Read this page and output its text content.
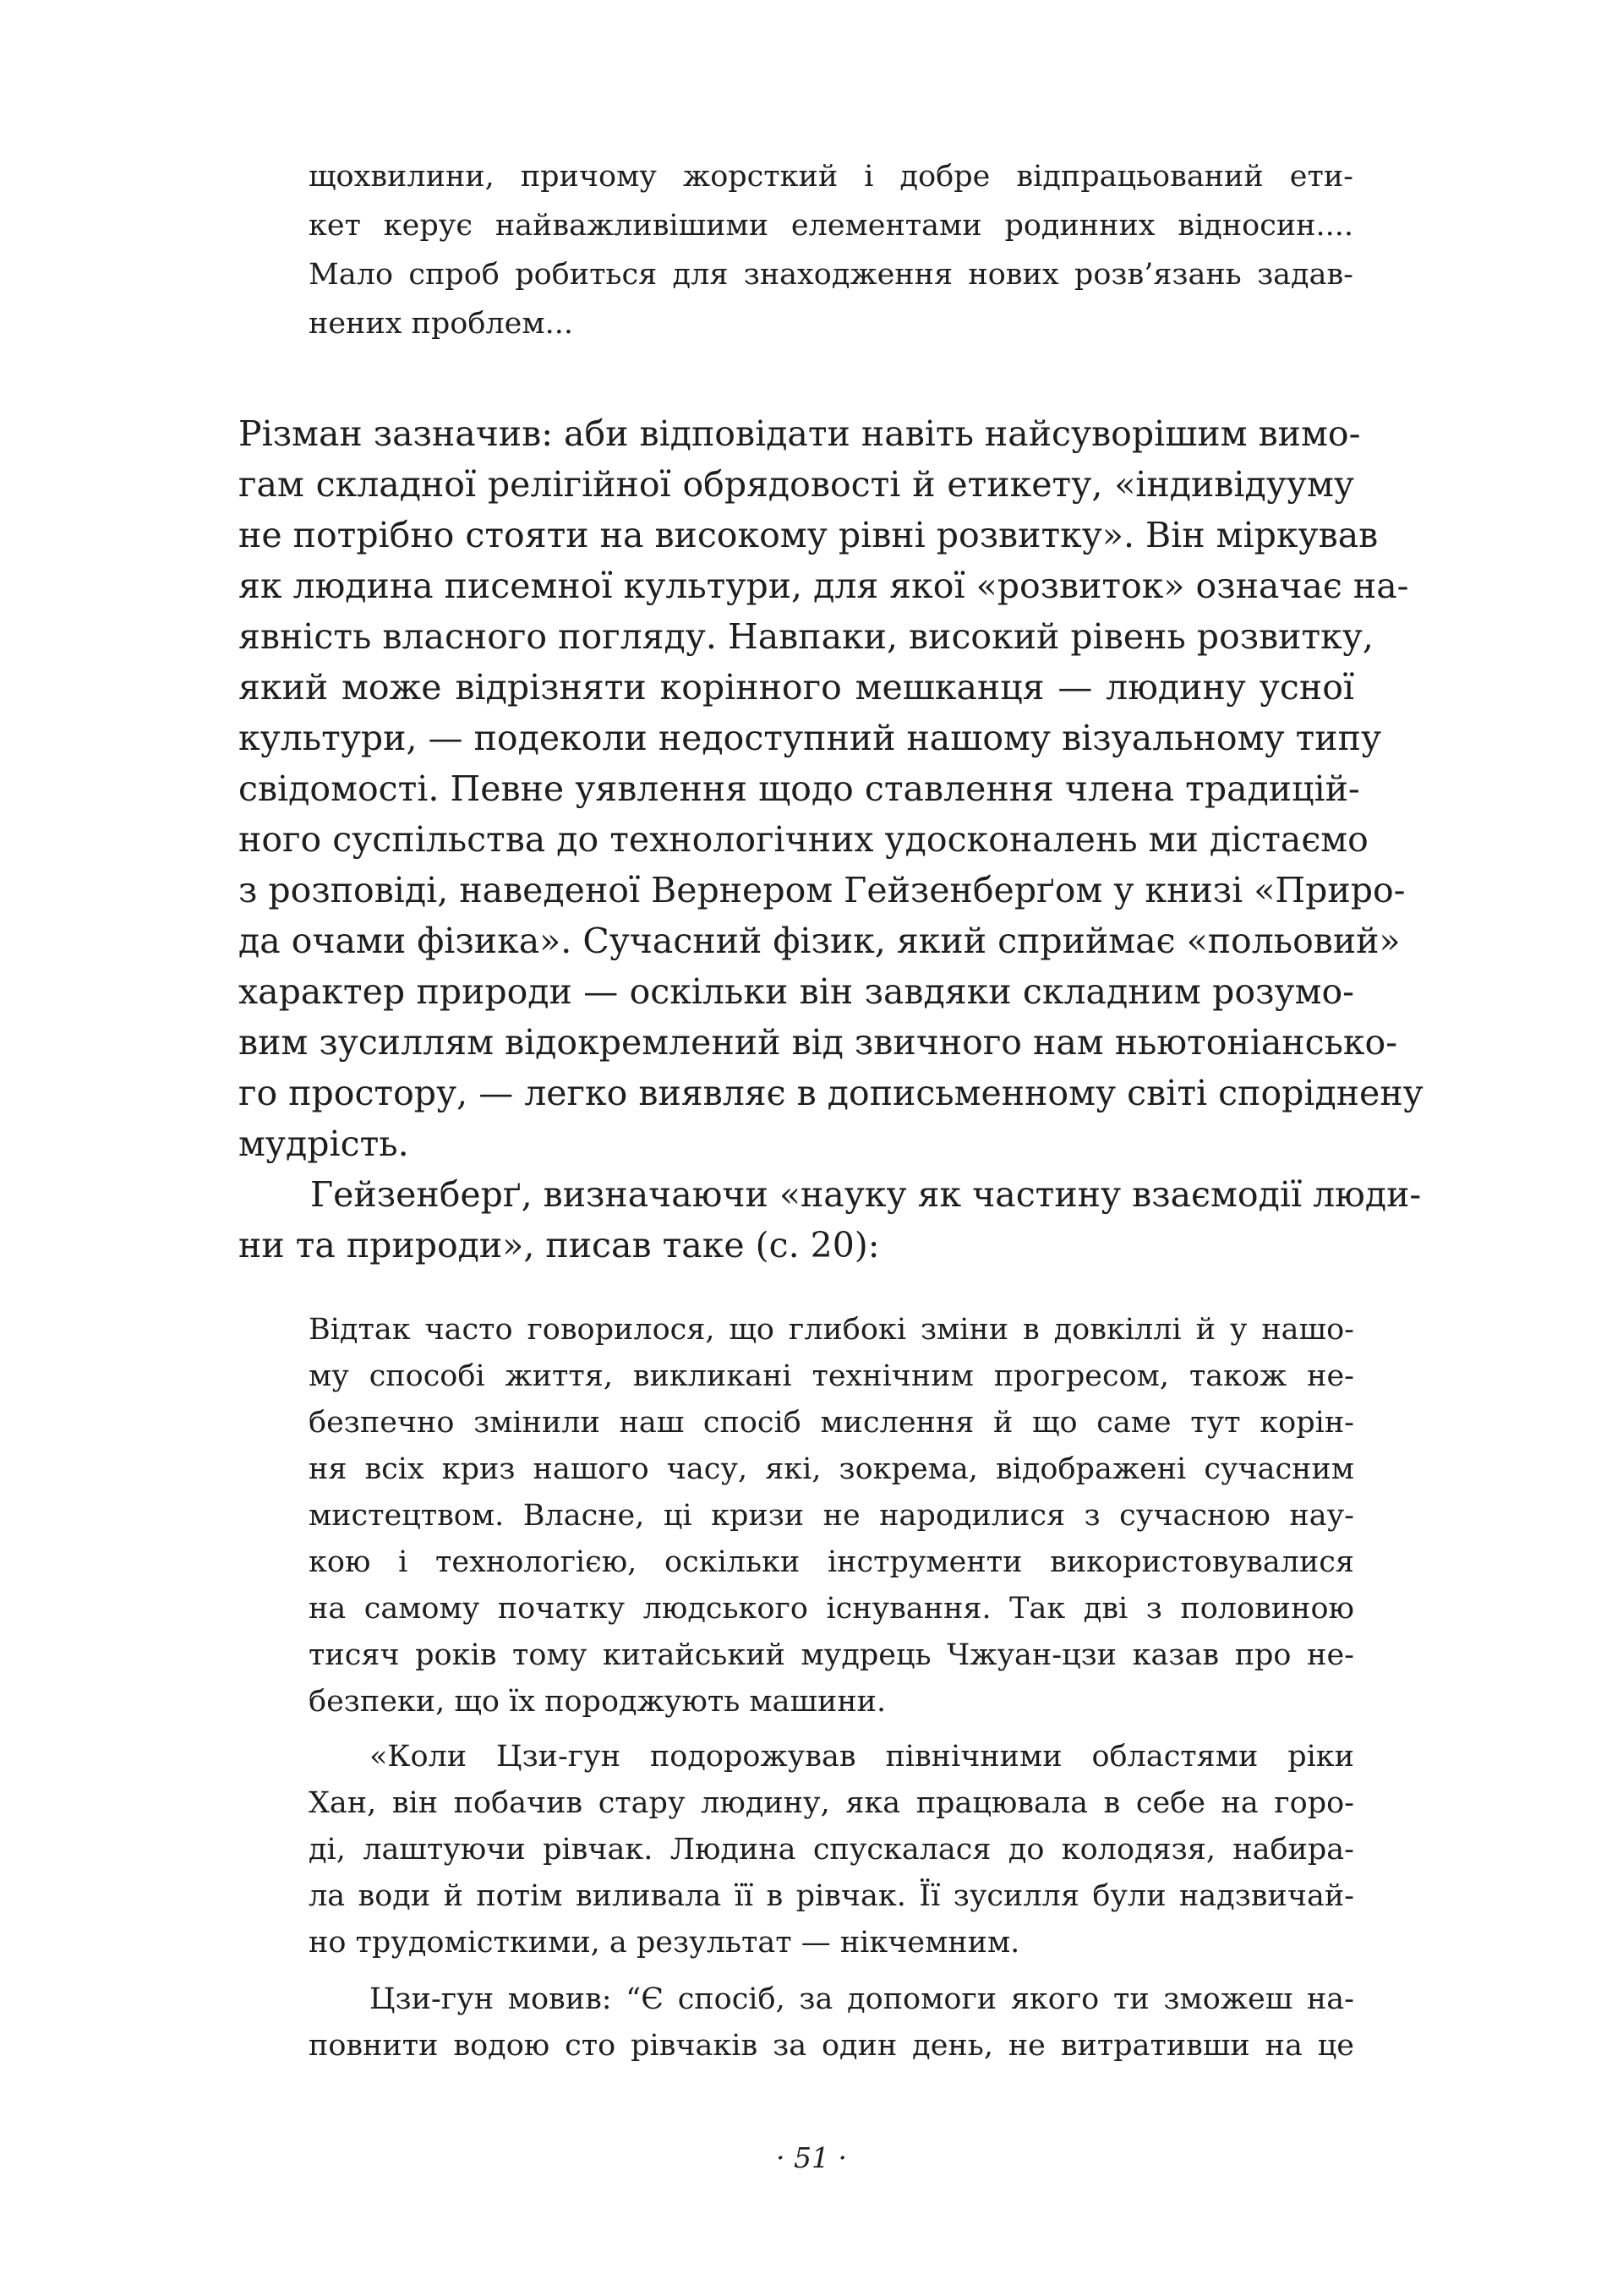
щохвилини, причому жорсткий і добре відпрацьований ети-

кет керує найважливішими елементами родинних відносин....

Мало спроб робиться для знаходження нових розв’язань задав-

нених проблем...

Різман зазначив: аби відповідати навіть найсуворішим вимо-

гам складної релігійної обрядовості й етикету, «індивідууму

не потрібно стояти на високому рівні розвитку». Він міркував

як людина писемної культури, для якої «розвиток» означає на-

явність власного погляду. Навпаки, високий рівень розвитку,

який може відрізняти корінного мешканця — людину усної

культури, — подеколи недоступний нашому візуальному типу

свідомості. Певне уявлення щодо ставлення члена традицій-

ного суспільства до технологічних удосконалень ми дістаємо

з розповіді, наведеної Вернером Гейзенберґом у книзі «Приро-

да очами фізика». Сучасний фізик, який сприймає «польовий»

характер природи — оскільки він завдяки складним розумо-

вим зусиллям відокремлений від звичного нам ньютоніансько-

го простору, — легко виявляє в дописьменному світі споріднену

мудрість.

Гейзенберґ, визначаючи «науку як частину взаємодії люди-

ни та природи», писав таке (с. 20):

Відтак часто говорилося, що глибокі зміни в довкіллі й у нашо-

му способі життя, викликані технічним прогресом, також не-

безпечно змінили наш спосіб мислення й що саме тут корін-

ня всіх криз нашого часу, які, зокрема, відображені сучасним

мистецтвом. Власне, ці кризи не народилися з сучасною нау-

кою і технологією, оскільки інструменти використовувалися

на самому початку людського існування. Так дві з половиною

тисяч років тому китайський мудрець Чжуан-цзи казав про не-

безпеки, що їх породжують машини.

«Коли Цзи-гун подорожував північними областями ріки

Хан, він побачив стару людину, яка працювала в себе на горо-

ді, лаштуючи рівчак. Людина спускалася до колодязя, набира-

ла води й потім виливала її в рівчак. Її зусилля були надзвичай-

но трудомісткими, а результат — нікчемним.

Цзи-гун мовив: “Є спосіб, за допомоги якого ти зможеш на-

повнити водою сто рівчаків за один день, не витративши на це

· 51 ·
